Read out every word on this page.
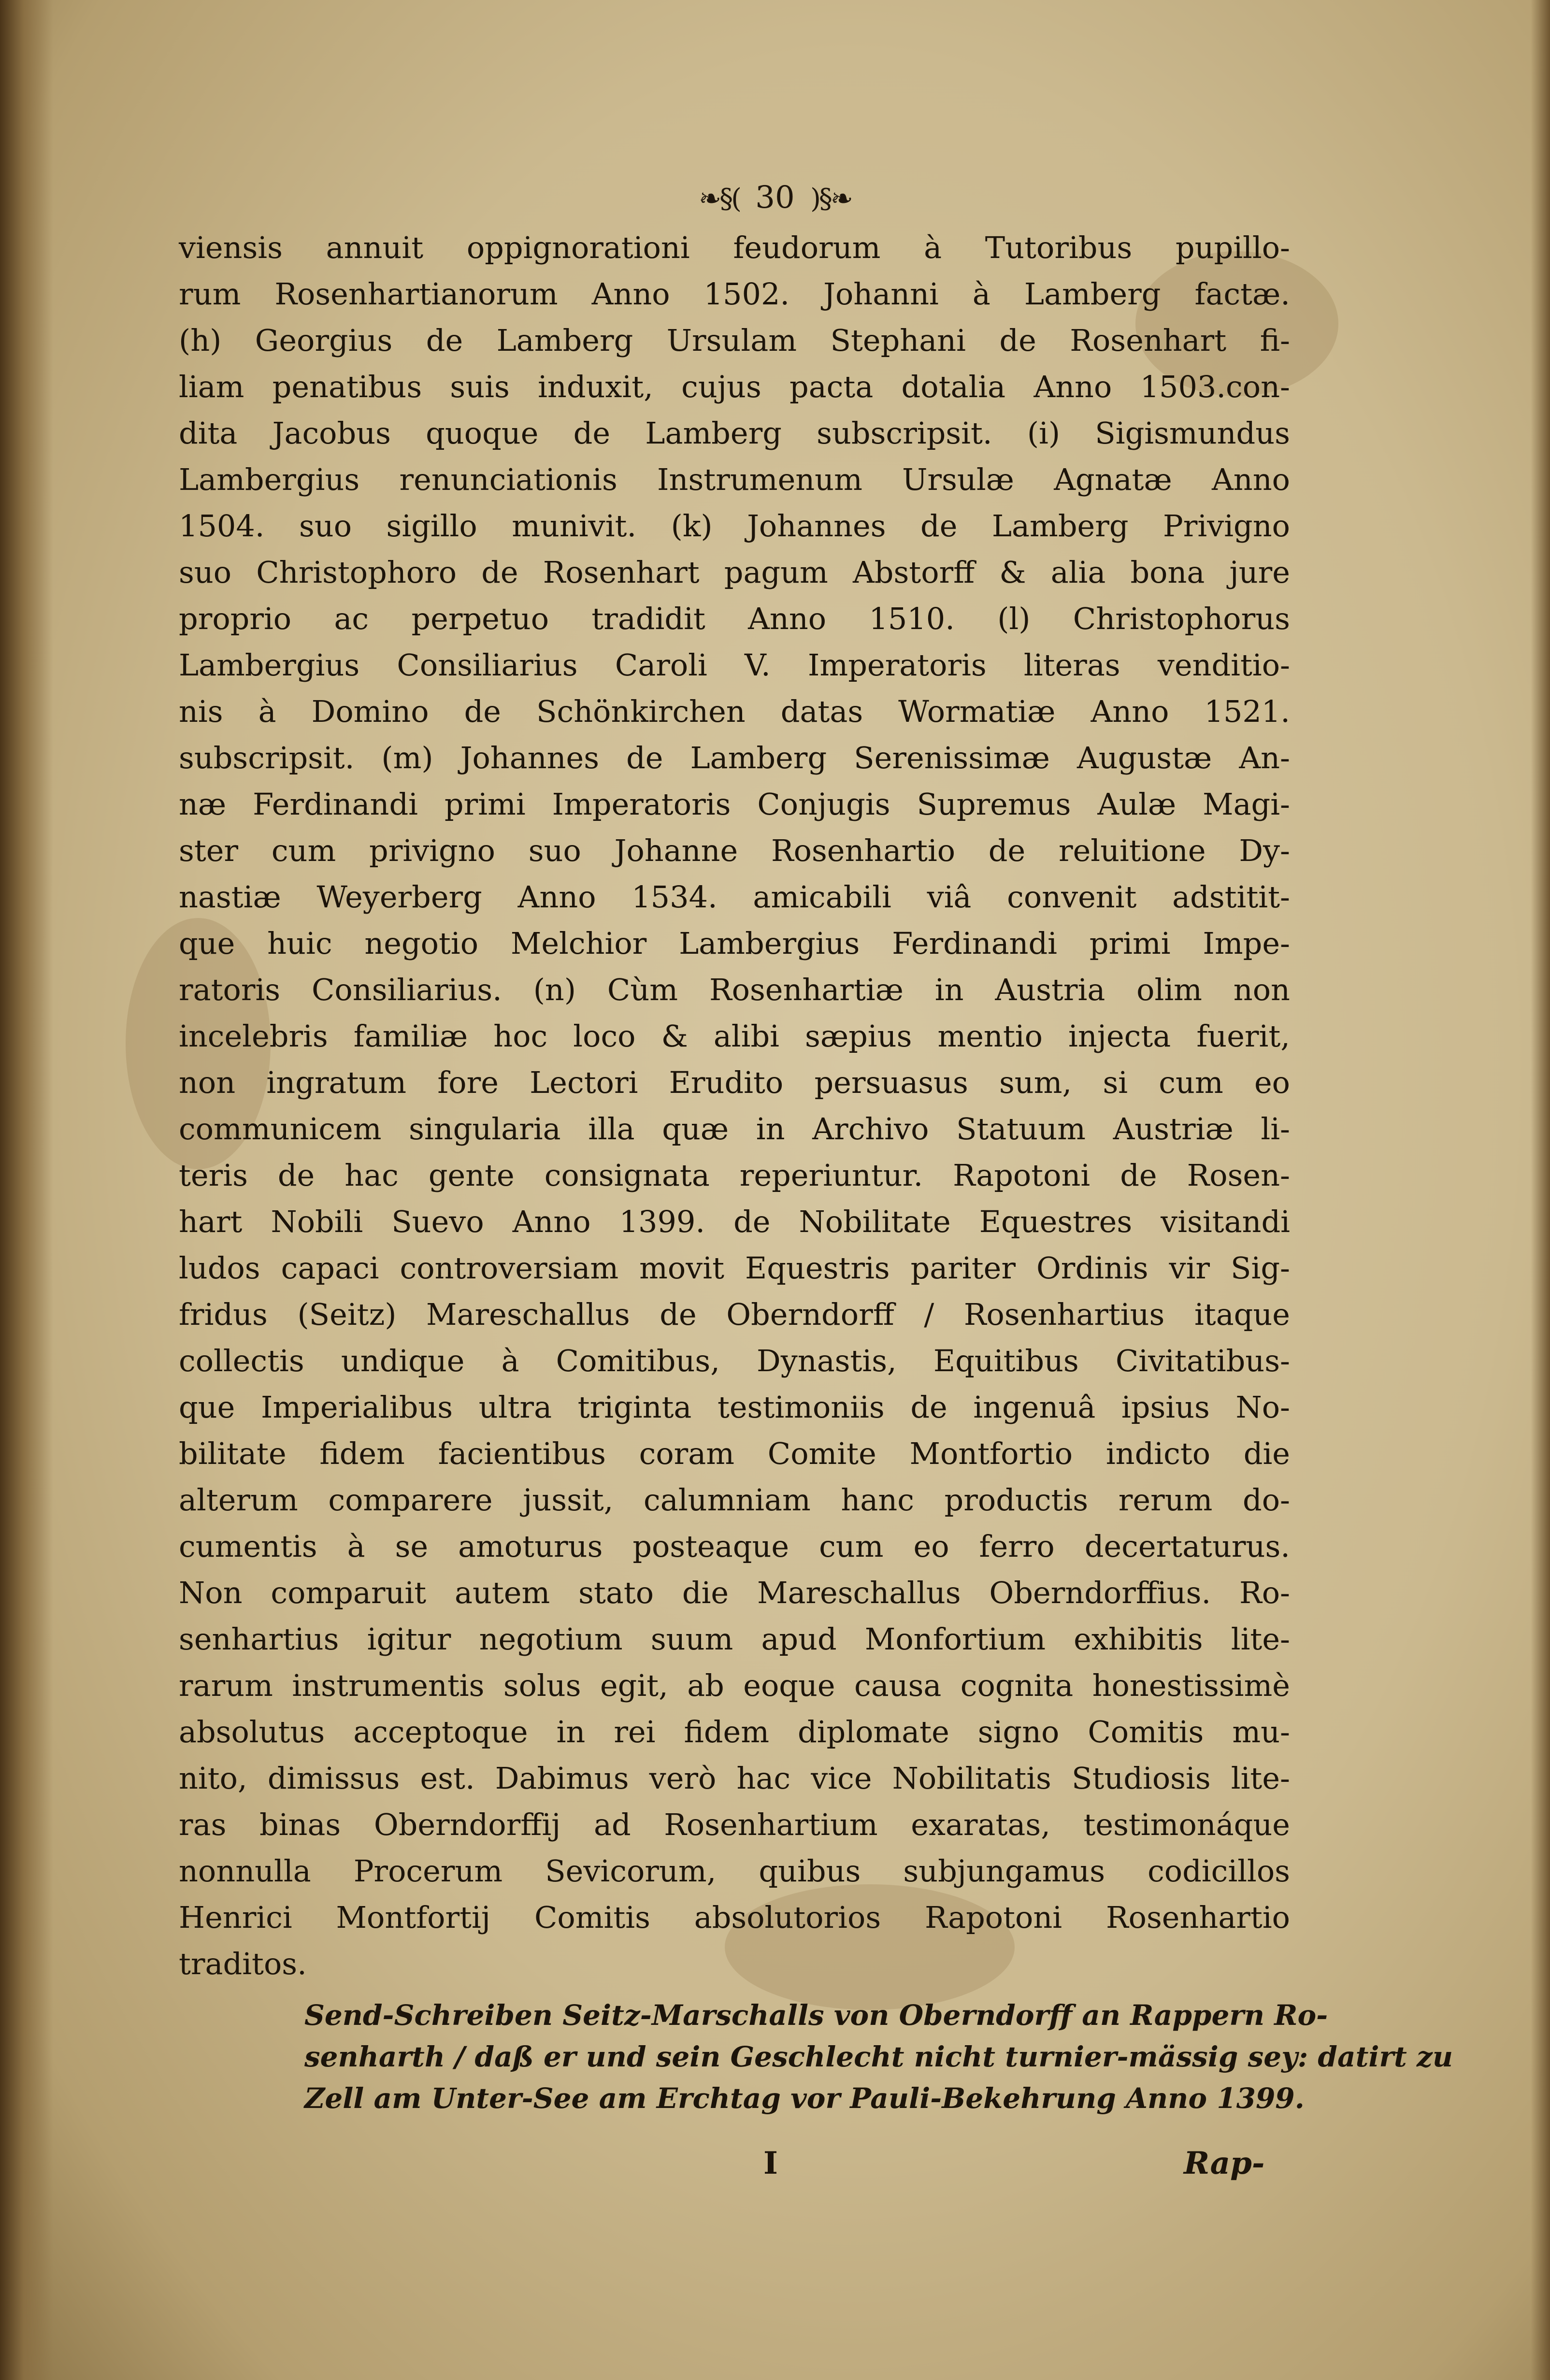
❧§( 30 )§❧
viensis annuit oppignorationi feudorum à Tutoribus pupillo-
rum Rosenhartianorum Anno 1502. Johanni à Lamberg factæ.
(h) Georgius de Lamberg Ursulam Stephani de Rosenhart fi-
liam penatibus suis induxit, cujus pacta dotalia Anno 1503.con-
dita Jacobus quoque de Lamberg subscripsit. (i) Sigismundus
Lambergius renunciationis Instrumenum Ursulæ Agnatæ Anno
1504. suo sigillo munivit. (k) Johannes de Lamberg Privigno
suo Christophoro de Rosenhart pagum Abstorff & alia bona jure
proprio ac perpetuo tradidit Anno 1510. (l) Christophorus
Lambergius Consiliarius Caroli V. Imperatoris literas venditio-
nis à Domino de Schönkirchen datas Wormatiæ Anno 1521.
subscripsit. (m) Johannes de Lamberg Serenissimæ Augustæ An-
næ Ferdinandi primi Imperatoris Conjugis Supremus Aulæ Magi-
ster cum privigno suo Johanne Rosenhartio de reluitione Dy-
nastiæ Weyerberg Anno 1534. amicabili viâ convenit adstitit-
que huic negotio Melchior Lambergius Ferdinandi primi Impe-
ratoris Consiliarius. (n) Cùm Rosenhartiæ in Austria olim non
incelebris familiæ hoc loco & alibi sæpius mentio injecta fuerit,
non ingratum fore Lectori Erudito persuasus sum, si cum eo
communicem singularia illa quæ in Archivo Statuum Austriæ li-
teris de hac gente consignata reperiuntur. Rapotoni de Rosen-
hart Nobili Suevo Anno 1399. de Nobilitate Equestres visitandi
ludos capaci controversiam movit Equestris pariter Ordinis vir Sig-
fridus (Seitz) Mareschallus de Oberndorff / Rosenhartius itaque
collectis undique à Comitibus, Dynastis, Equitibus Civitatibus-
que Imperialibus ultra triginta testimoniis de ingenuâ ipsius No-
bilitate fidem facientibus coram Comite Montfortio indicto die
alterum comparere jussit, calumniam hanc productis rerum do-
cumentis à se amoturus posteaque cum eo ferro decertaturus.
Non comparuit autem stato die Mareschallus Oberndorffius. Ro-
senhartius igitur negotium suum apud Monfortium exhibitis lite-
rarum instrumentis solus egit, ab eoque causa cognita honestissimè
absolutus acceptoque in rei fidem diplomate signo Comitis mu-
nito, dimissus est. Dabimus verò hac vice Nobilitatis Studiosis lite-
ras binas Oberndorffij ad Rosenhartium exaratas, testimonáque
nonnulla Procerum Sevicorum, quibus subjungamus codicillos
Henrici Montfortij Comitis absolutorios Rapotoni Rosenhartio
traditos.
Send-Schreiben Seitz-Marschalls von Oberndorff an Rappern Ro-
senharth / daß er und sein Geschlecht nicht turnier-mässig sey: datirt zu
Zell am Unter-See am Erchtag vor Pauli-Bekehrung Anno 1399.
I	Rap-
